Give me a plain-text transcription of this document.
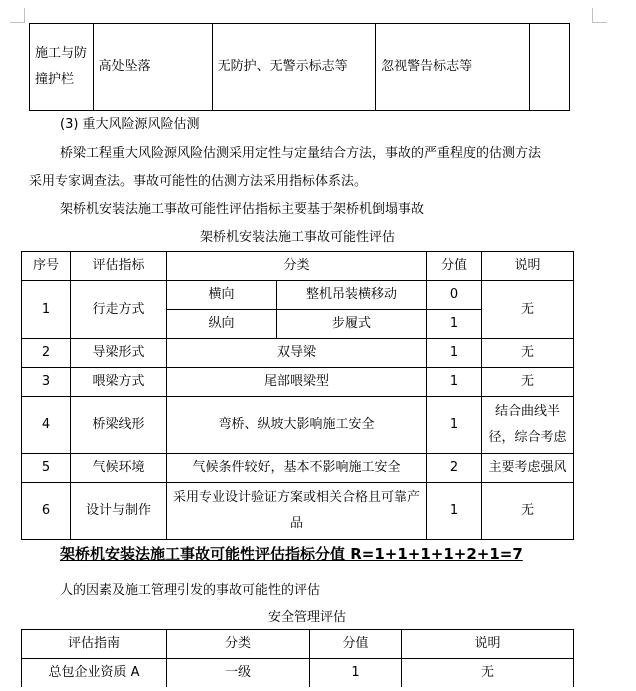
施工与防撞护栏	高处坠落	无防护、无警示标志等	忽视警告标志等	
(3) 重大风险源风险估测
桥梁工程重大风险源风险估测采用定性与定量结合方法，事故的严重程度的估测方法
采用专家调查法。事故可能性的估测方法采用指标体系法。
架桥机安装法施工事故可能性评估指标主要基于架桥机倒塌事故
架桥机安装法施工事故可能性评估
序号	评估指标	分类		分值	说明
1	行走方式	横向	整机吊装横移动	0	无
		纵向	步履式	1	
2	导梁形式	双导梁		1	无
3	喂梁方式	尾部喂梁型		1	无
4	桥梁线形	弯桥、纵坡大影响施工安全		1	结合曲线半径，综合考虑
5	气候环境	气候条件较好，基本不影响施工安全		2	主要考虑强风
6	设计与制作	采用专业设计验证方案或相关合格且可靠产品		1	无
架桥机安装法施工事故可能性评估指标分值 R=1+1+1+1+2+1=7
人的因素及施工管理引发的事故可能性的评估
安全管理评估
评估指南	分类	分值	说明
总包企业资质 A	一级	1	无
